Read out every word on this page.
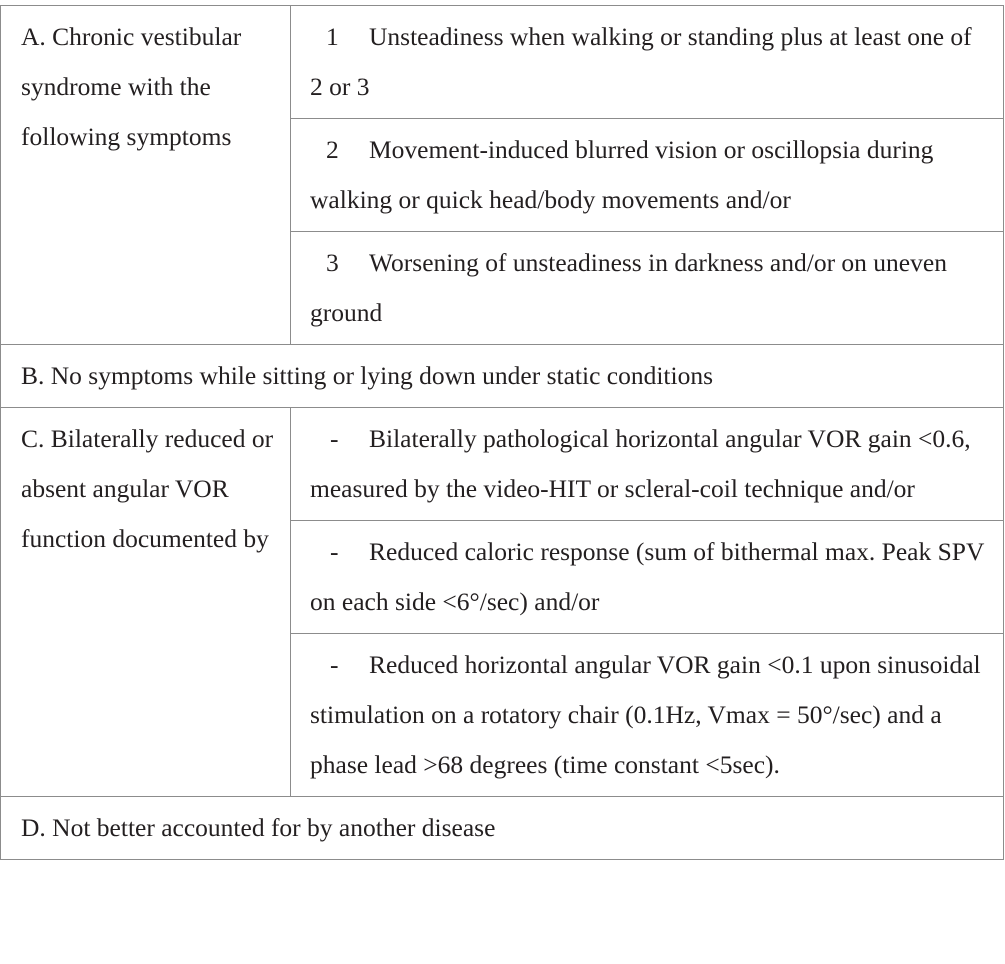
A. Chronic vestibular syndrome with the following symptoms	1 Unsteadiness when walking or standing plus at least one of 2 or 3
	2 Movement-induced blurred vision or oscillopsia during walking or quick head/body movements and/or
	3 Worsening of unsteadiness in darkness and/or on uneven ground
B. No symptoms while sitting or lying down under static conditions	
C. Bilaterally reduced or absent angular VOR function documented by	- Bilaterally pathological horizontal angular VOR gain <0.6, measured by the video-HIT or scleral-coil technique and/or
	- Reduced caloric response (sum of bithermal max. Peak SPV on each side <6°/sec) and/or
	- Reduced horizontal angular VOR gain <0.1 upon sinusoidal stimulation on a rotatory chair (0.1Hz, Vmax = 50°/sec) and a phase lead >68 degrees (time constant <5sec).
D. Not better accounted for by another disease	
